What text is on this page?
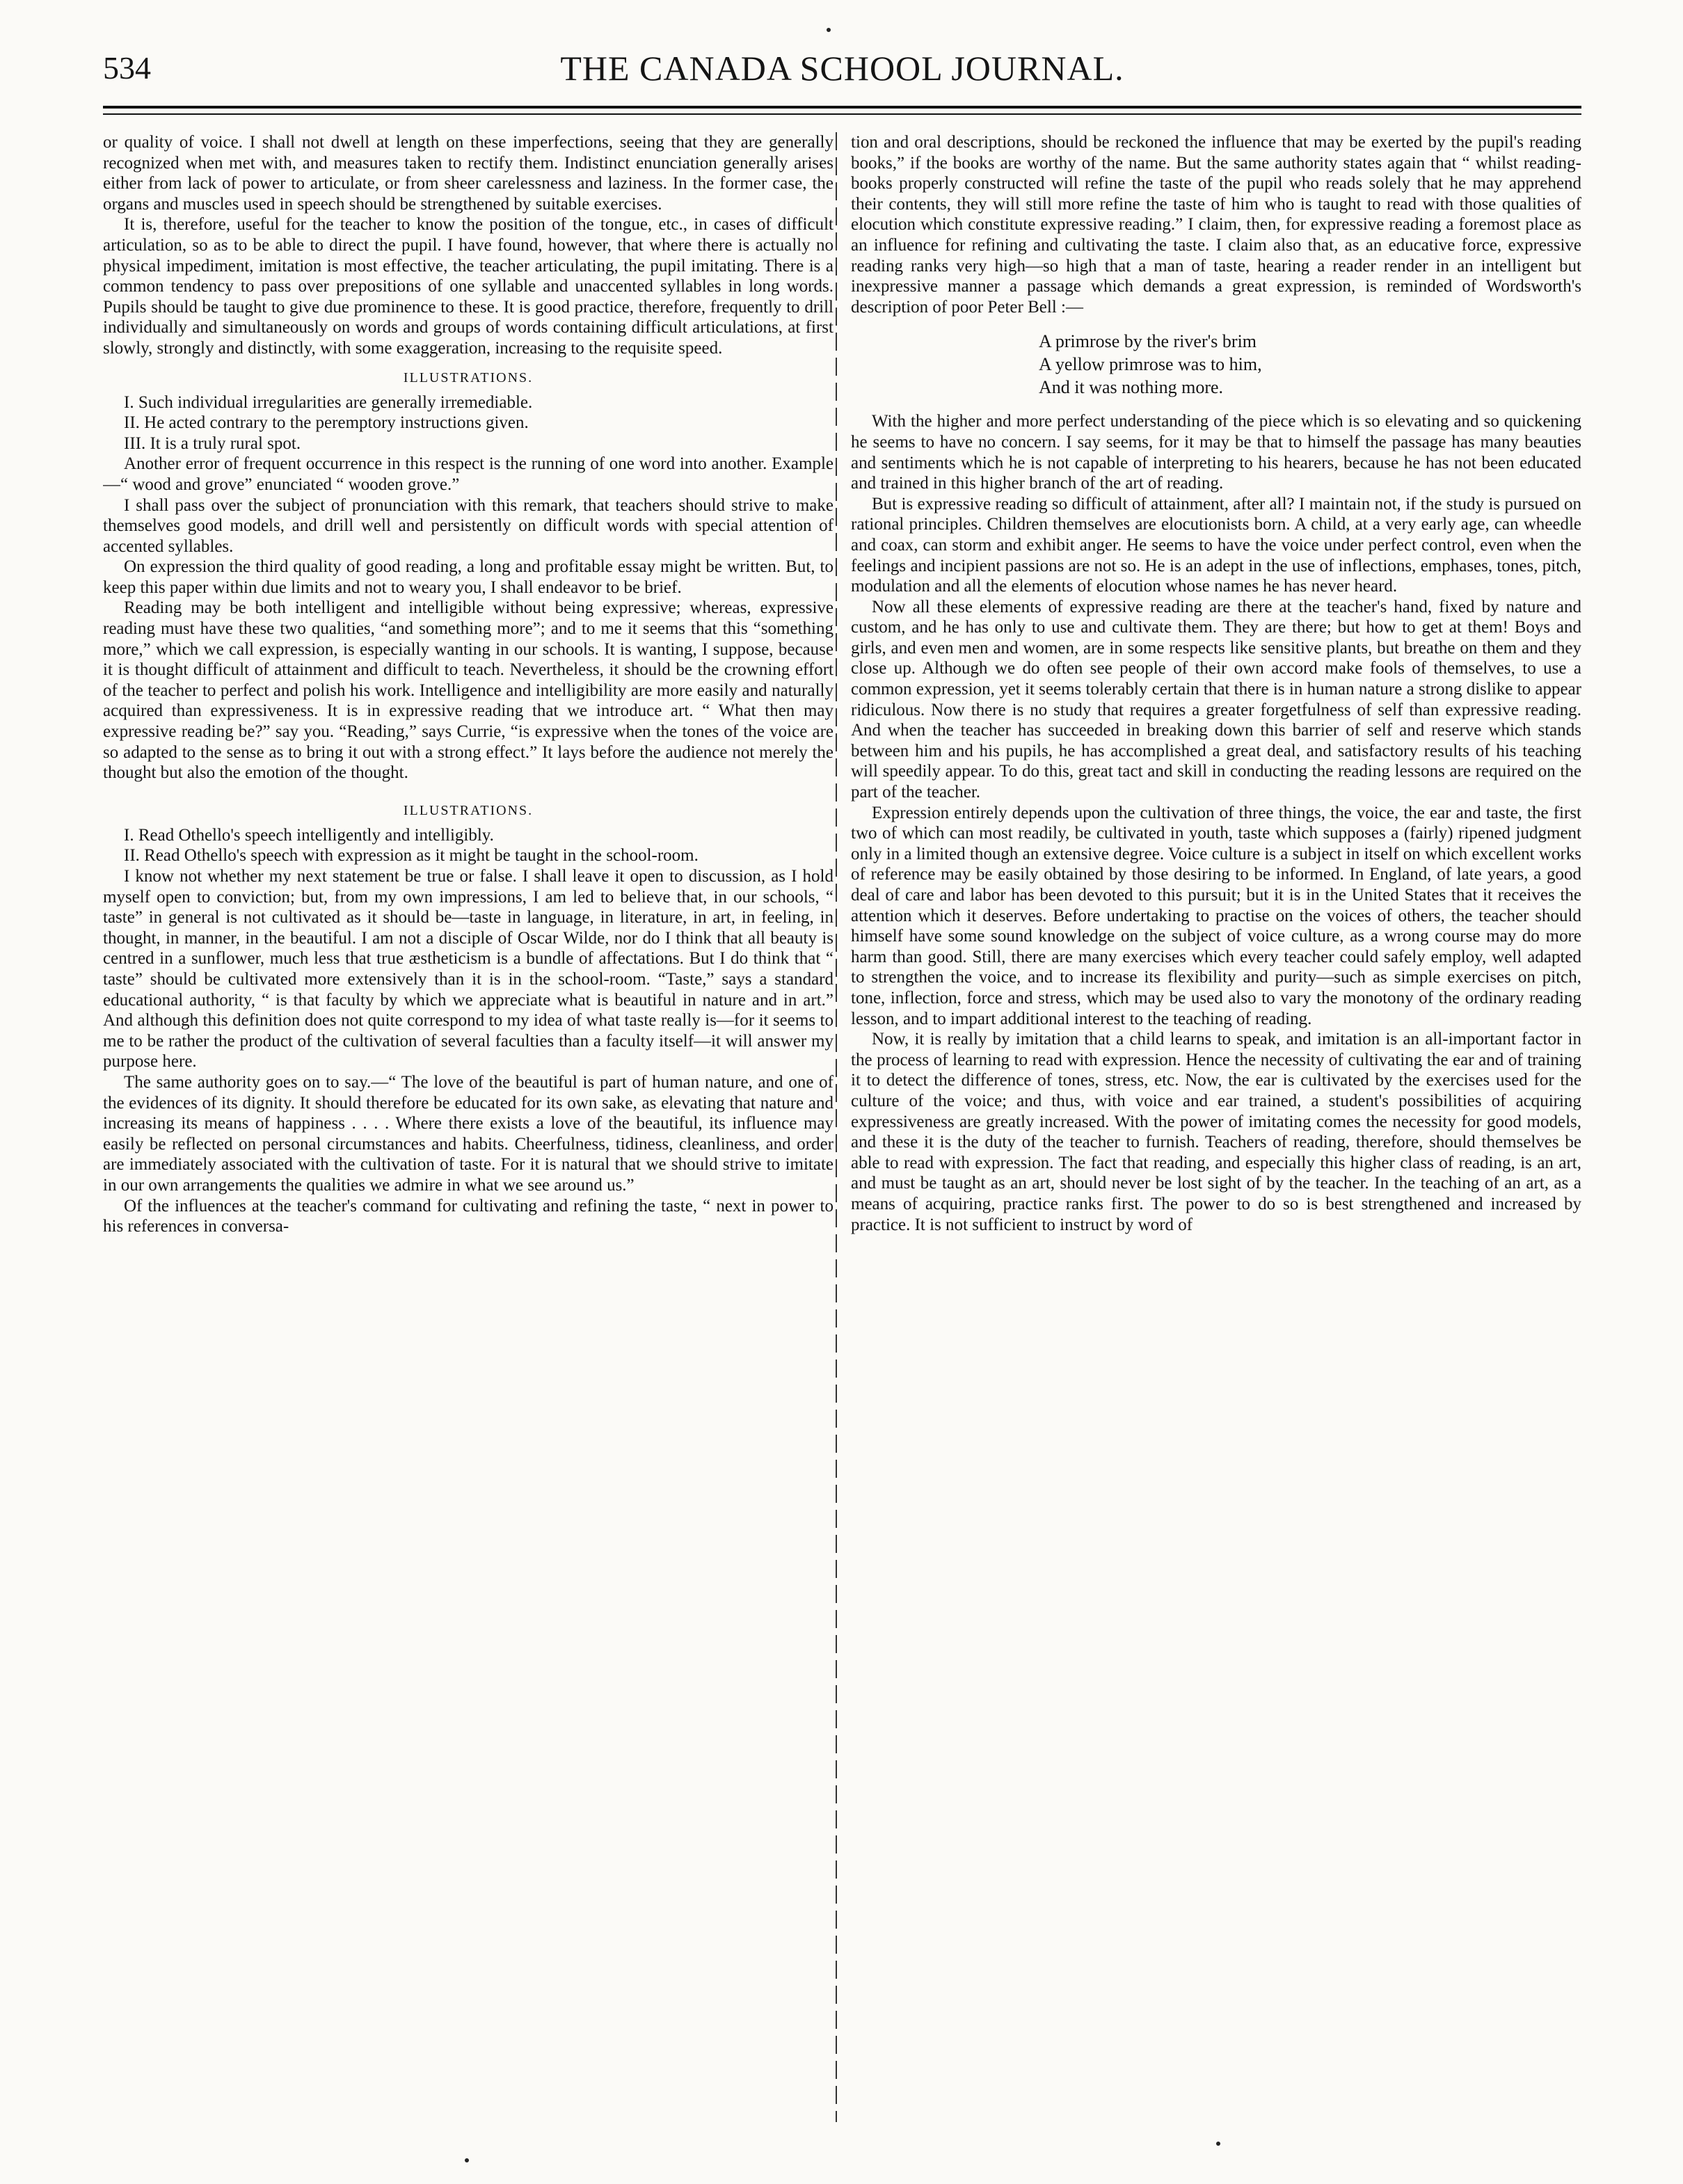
534	THE CANADA SCHOOL JOURNAL.

or quality of voice. I shall not dwell at length on these imperfections, seeing that they are generally recognized when met with, and measures taken to rectify them. Indistinct enunciation generally arises either from lack of power to articulate, or from sheer carelessness and laziness. In the former case, the organs and muscles used in speech should be strengthened by suitable exercises.

It is, therefore, useful for the teacher to know the position of the tongue, etc., in cases of difficult articulation, so as to be able to direct the pupil. I have found, however, that where there is actually no physical impediment, imitation is most effective, the teacher articulating, the pupil imitating. There is a common tendency to pass over prepositions of one syllable and unaccented syllables in long words. Pupils should be taught to give due prominence to these. It is good practice, therefore, frequently to drill individually and simultaneously on words and groups of words containing difficult articulations, at first slowly, strongly and distinctly, with some exaggeration, increasing to the requisite speed.

ILLUSTRATIONS.

I. Such individual irregularities are generally irremediable.

II. He acted contrary to the peremptory instructions given.

III. It is a truly rural spot.

Another error of frequent occurrence in this respect is the running of one word into another. Example—“ wood and grove” enunciated “ wooden grove.”

I shall pass over the subject of pronunciation with this remark, that teachers should strive to make themselves good models, and drill well and persistently on difficult words with special attention of accented syllables.

On expression the third quality of good reading, a long and profitable essay might be written. But, to keep this paper within due limits and not to weary you, I shall endeavor to be brief.

Reading may be both intelligent and intelligible without being expressive; whereas, expressive reading must have these two qualities, “and something more”; and to me it seems that this “something more,” which we call expression, is especially wanting in our schools. It is wanting, I suppose, because it is thought difficult of attainment and difficult to teach. Nevertheless, it should be the crowning effort of the teacher to perfect and polish his work. Intelligence and intelligibility are more easily and naturally acquired than expressiveness. It is in expressive reading that we introduce art. “ What then may expressive reading be?” say you. “Reading,” says Currie, “is expressive when the tones of the voice are so adapted to the sense as to bring it out with a strong effect.” It lays before the audience not merely the thought but also the emotion of the thought.

ILLUSTRATIONS.

I. Read Othello's speech intelligently and intelligibly.

II. Read Othello's speech with expression as it might be taught in the school-room.

I know not whether my next statement be true or false. I shall leave it open to discussion, as I hold myself open to conviction; but, from my own impressions, I am led to believe that, in our schools, “ taste” in general is not cultivated as it should be—taste in language, in literature, in art, in feeling, in thought, in manner, in the beautiful. I am not a disciple of Oscar Wilde, nor do I think that all beauty is centred in a sunflower, much less that true æstheticism is a bundle of affectations. But I do think that “ taste” should be cultivated more extensively than it is in the school-room. “Taste,” says a standard educational authority, “ is that faculty by which we appreciate what is beautiful in nature and in art.” And although this definition does not quite correspond to my idea of what taste really is—for it seems to me to be rather the product of the cultivation of several faculties than a faculty itself—it will answer my purpose here.

The same authority goes on to say.—“ The love of the beautiful is part of human nature, and one of the evidences of its dignity. It should therefore be educated for its own sake, as elevating that nature and increasing its means of happiness . . . . Where there exists a love of the beautiful, its influence may easily be reflected on personal circumstances and habits. Cheerfulness, tidiness, cleanliness, and order are immediately associated with the cultivation of taste. For it is natural that we should strive to imitate in our own arrangements the qualities we admire in what we see around us.”

Of the influences at the teacher's command for cultivating and refining the taste, “ next in power to his references in conversa-

tion and oral descriptions, should be reckoned the influence that may be exerted by the pupil's reading books,” if the books are worthy of the name. But the same authority states again that “ whilst reading-books properly constructed will refine the taste of the pupil who reads solely that he may apprehend their contents, they will still more refine the taste of him who is taught to read with those qualities of elocution which constitute expressive reading.” I claim, then, for expressive reading a foremost place as an influence for refining and cultivating the taste. I claim also that, as an educative force, expressive reading ranks very high—so high that a man of taste, hearing a reader render in an intelligent but inexpressive manner a passage which demands a great expression, is reminded of Wordsworth's description of poor Peter Bell :—

A primrose by the river's brim
A yellow primrose was to him,
And it was nothing more.

With the higher and more perfect understanding of the piece which is so elevating and so quickening he seems to have no concern. I say seems, for it may be that to himself the passage has many beauties and sentiments which he is not capable of interpreting to his hearers, because he has not been educated and trained in this higher branch of the art of reading.

But is expressive reading so difficult of attainment, after all? I maintain not, if the study is pursued on rational principles. Children themselves are elocutionists born. A child, at a very early age, can wheedle and coax, can storm and exhibit anger. He seems to have the voice under perfect control, even when the feelings and incipient passions are not so. He is an adept in the use of inflections, emphases, tones, pitch, modulation and all the elements of elocution whose names he has never heard.

Now all these elements of expressive reading are there at the teacher's hand, fixed by nature and custom, and he has only to use and cultivate them. They are there; but how to get at them! Boys and girls, and even men and women, are in some respects like sensitive plants, but breathe on them and they close up. Although we do often see people of their own accord make fools of themselves, to use a common expression, yet it seems tolerably certain that there is in human nature a strong dislike to appear ridiculous. Now there is no study that requires a greater forgetfulness of self than expressive reading. And when the teacher has succeeded in breaking down this barrier of self and reserve which stands between him and his pupils, he has accomplished a great deal, and satisfactory results of his teaching will speedily appear. To do this, great tact and skill in conducting the reading lessons are required on the part of the teacher.

Expression entirely depends upon the cultivation of three things, the voice, the ear and taste, the first two of which can most readily, be cultivated in youth, taste which supposes a (fairly) ripened judgment only in a limited though an extensive degree. Voice culture is a subject in itself on which excellent works of reference may be easily obtained by those desiring to be informed. In England, of late years, a good deal of care and labor has been devoted to this pursuit; but it is in the United States that it receives the attention which it deserves. Before undertaking to practise on the voices of others, the teacher should himself have some sound knowledge on the subject of voice culture, as a wrong course may do more harm than good. Still, there are many exercises which every teacher could safely employ, well adapted to strengthen the voice, and to increase its flexibility and purity—such as simple exercises on pitch, tone, inflection, force and stress, which may be used also to vary the monotony of the ordinary reading lesson, and to impart additional interest to the teaching of reading.

Now, it is really by imitation that a child learns to speak, and imitation is an all-important factor in the process of learning to read with expression. Hence the necessity of cultivating the ear and of training it to detect the difference of tones, stress, etc. Now, the ear is cultivated by the exercises used for the culture of the voice; and thus, with voice and ear trained, a student's possibilities of acquiring expressiveness are greatly increased. With the power of imitating comes the necessity for good models, and these it is the duty of the teacher to furnish. Teachers of reading, therefore, should themselves be able to read with expression. The fact that reading, and especially this higher class of reading, is an art, and must be taught as an art, should never be lost sight of by the teacher. In the teaching of an art, as a means of acquiring, practice ranks first. The power to do so is best strengthened and increased by practice. It is not sufficient to instruct by word of
